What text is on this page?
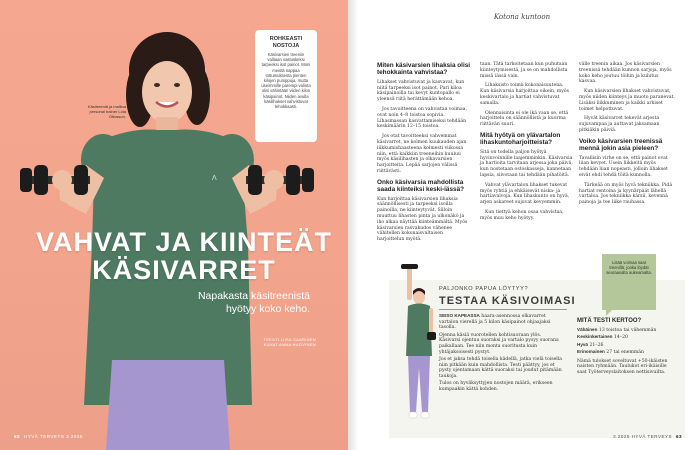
Λ
Käsitreeniä ja mallina personal trainer Lola Ottosson.
ROHKEASTI NOSTOJA
Käsivarsien treeniin valitaan vastuskeksi tarpeeksi isot painot. Moni meistä nappaa tottumuksesta pienten kilojen pumppuja, mutta useimmille parempi valinta olisi vähintään viiden kilon käsipainot. Niiden avulla käsilihakset vahvistuvat tehokkaasti.
VAHVAT JA KIINTEÄT
KÄSIVARRET
Napakasta käsitreenistä hyötyy koko keho.
TEKSTI LIISA SAARINEN
KUVAT ANNA HUOVINEN
62 HYVÄ TERVEYS 3.2025
Kotona kuntoon
Miten käsivarsien lihaksia olisi tehokkainta vahvistaa?

Lihakset vahvistuvat ja kasvavat, kun niitä tarpeeksi isot painot. Pari kiloa käsipainoilla tai kevyt kuntopallo ei yleensä riitä herättämään kehoa.

Jos tavoitteena on vahvistaa voimaa, ovat noin 4–8 toistoa sopivia. Lihasmassan kasvattamiseksi tehdään keskimäärin 12–15 toistoa.

Jos otat tavoitteeksi vahvemmat käsivarret, ne kolmen kuukauden ajan liikkumishaasteena kolmesti viikossa niin, että kaikkiin treeneihin kuuluu myös käsilihasten ja olkavarsien harjoitteita. Lepää sarjojen välissä riittävästi.

Onko käsivarsia mahdollista saada kiinteiksi keski-iässä?

Kun harjoittaa käsivarsien lihaksia säännöllisesti ja tarpeeksi isoilla painoilla, ne kiinteytyvät. Silloin muuttuu lihasten pinta ja ulkonäkö ja iho alkaa näyttää kiinteämmältä. Myös käsivarsien rasvakudos vähenee vähitellen kokonaisvaltaisen harjoittelun myötä.

taan. Tätä tarkoitetaan kun puhutaan kiinteytymisestä, ja se on mahdollista missä iässä vain.

Lihaksisto toimii kokonaisuutena. Kun käsivarsia harjoittaa oikein, myös keskivartalo ja hartiat vahvistuvat samalla.

Olennaisinta ei ole ikä vaan se, että harjoittelu on säännöllistä ja kuorma riittävän suuri.

Mitä hyötyä on ylävartalon lihaskuntoharjoitteista?

Sitä on todella paljon hyötyä hyvinvoinnille laajemminkin. Käsivarsia ja hartioita tarvitaan arjessa joka päivä, kun nostetaan ostoskasseja, kannetaan lapsia, siivotaan tai tehdään pihatöitä.

Vahvat ylävartalon lihakset tukevat myös ryhtiä ja ehkäisevät niska- ja hartiavaivoja. Kun lihaskunto on hyvä, arjen askareet sujuvat kevyemmin.

Kun tiettyä kehon osaa vahvistaa, myös muu keho hyötyy.

välle treenin aikaa. Jos käsivarsien treenissä tehdään kunnon sarjoja, myös koko keho joutuu töihin ja kulutus kasvaa.

Kun käsivarsien lihakset vahvistuvat, myös niiden kiinteys ja muoto paranevat. Lisäksi liikkuminen ja kaikki arkiset toimet helpottuvat.

Hyvät käsivarret tekevät arjesta sujuvampaa ja auttavat jaksamaan pitkiäkin päiviä.

Voiko käsivarsien treenissä mennä jokin asia pieleen?

Tavallisin virhe on se, että painot ovat liian kevyet. Usein liikkeitä myös tehdään liian nopeasti, jolloin lihakset eivät ehdi tehdä töitä kunnolla.

Tärkeää on myös hyvä tekniikka. Pidä hartiat rentoina ja kyynärpäät lähellä vartaloa. Jos tekniikka kärsii, kevennä painoja ja tee liike rauhassa.

PALJONKO PAPUA LÖYTYY?
TESTAA KÄSIVOIMASI

SEISO KAPEASSA haara-asennossa olkavarret vartalon vierellä ja 5 kilon käsipainot ohjaajaksi tasolla.

Ojenna käsiä vuorotellen kohtisuoraan ylös. Käsivarsi ojentuu suoraksi ja vartalo pysyy suorana paikallaan. Tee niin monta suoritusta kuin yhtäjaksoisesti pystyt.

Jos et jaksa tehdä toisella kädellä, jatka vielä toisella niin pitkään kuin mahdollista. Testi päättyy, jos et pysty ojentamaan kättä suoraksi tai joudut pitämään taukoja.

Tulos on hyväksyttyjen nostojen määrä, erikseen kumpaakin kättä kohden.

Lisää voimaa saat treenillä, jonka löydät seuraavalta aukeamalta.
MITÄ TESTI KERTOO?
Vähäinen 13 toistoa tai vähemmän
Keskinkertainen 14–20
Hyvä 21–26
Erinomainen 27 tai enemmän
Nämä tulokset soveltuvat +50-ikäisten naisten ryhmään. Taulukot eri-ikäisille saat Työterveyslaitoksen nettisivuilta.
3.2025 HYVÄ TERVEYS 63
